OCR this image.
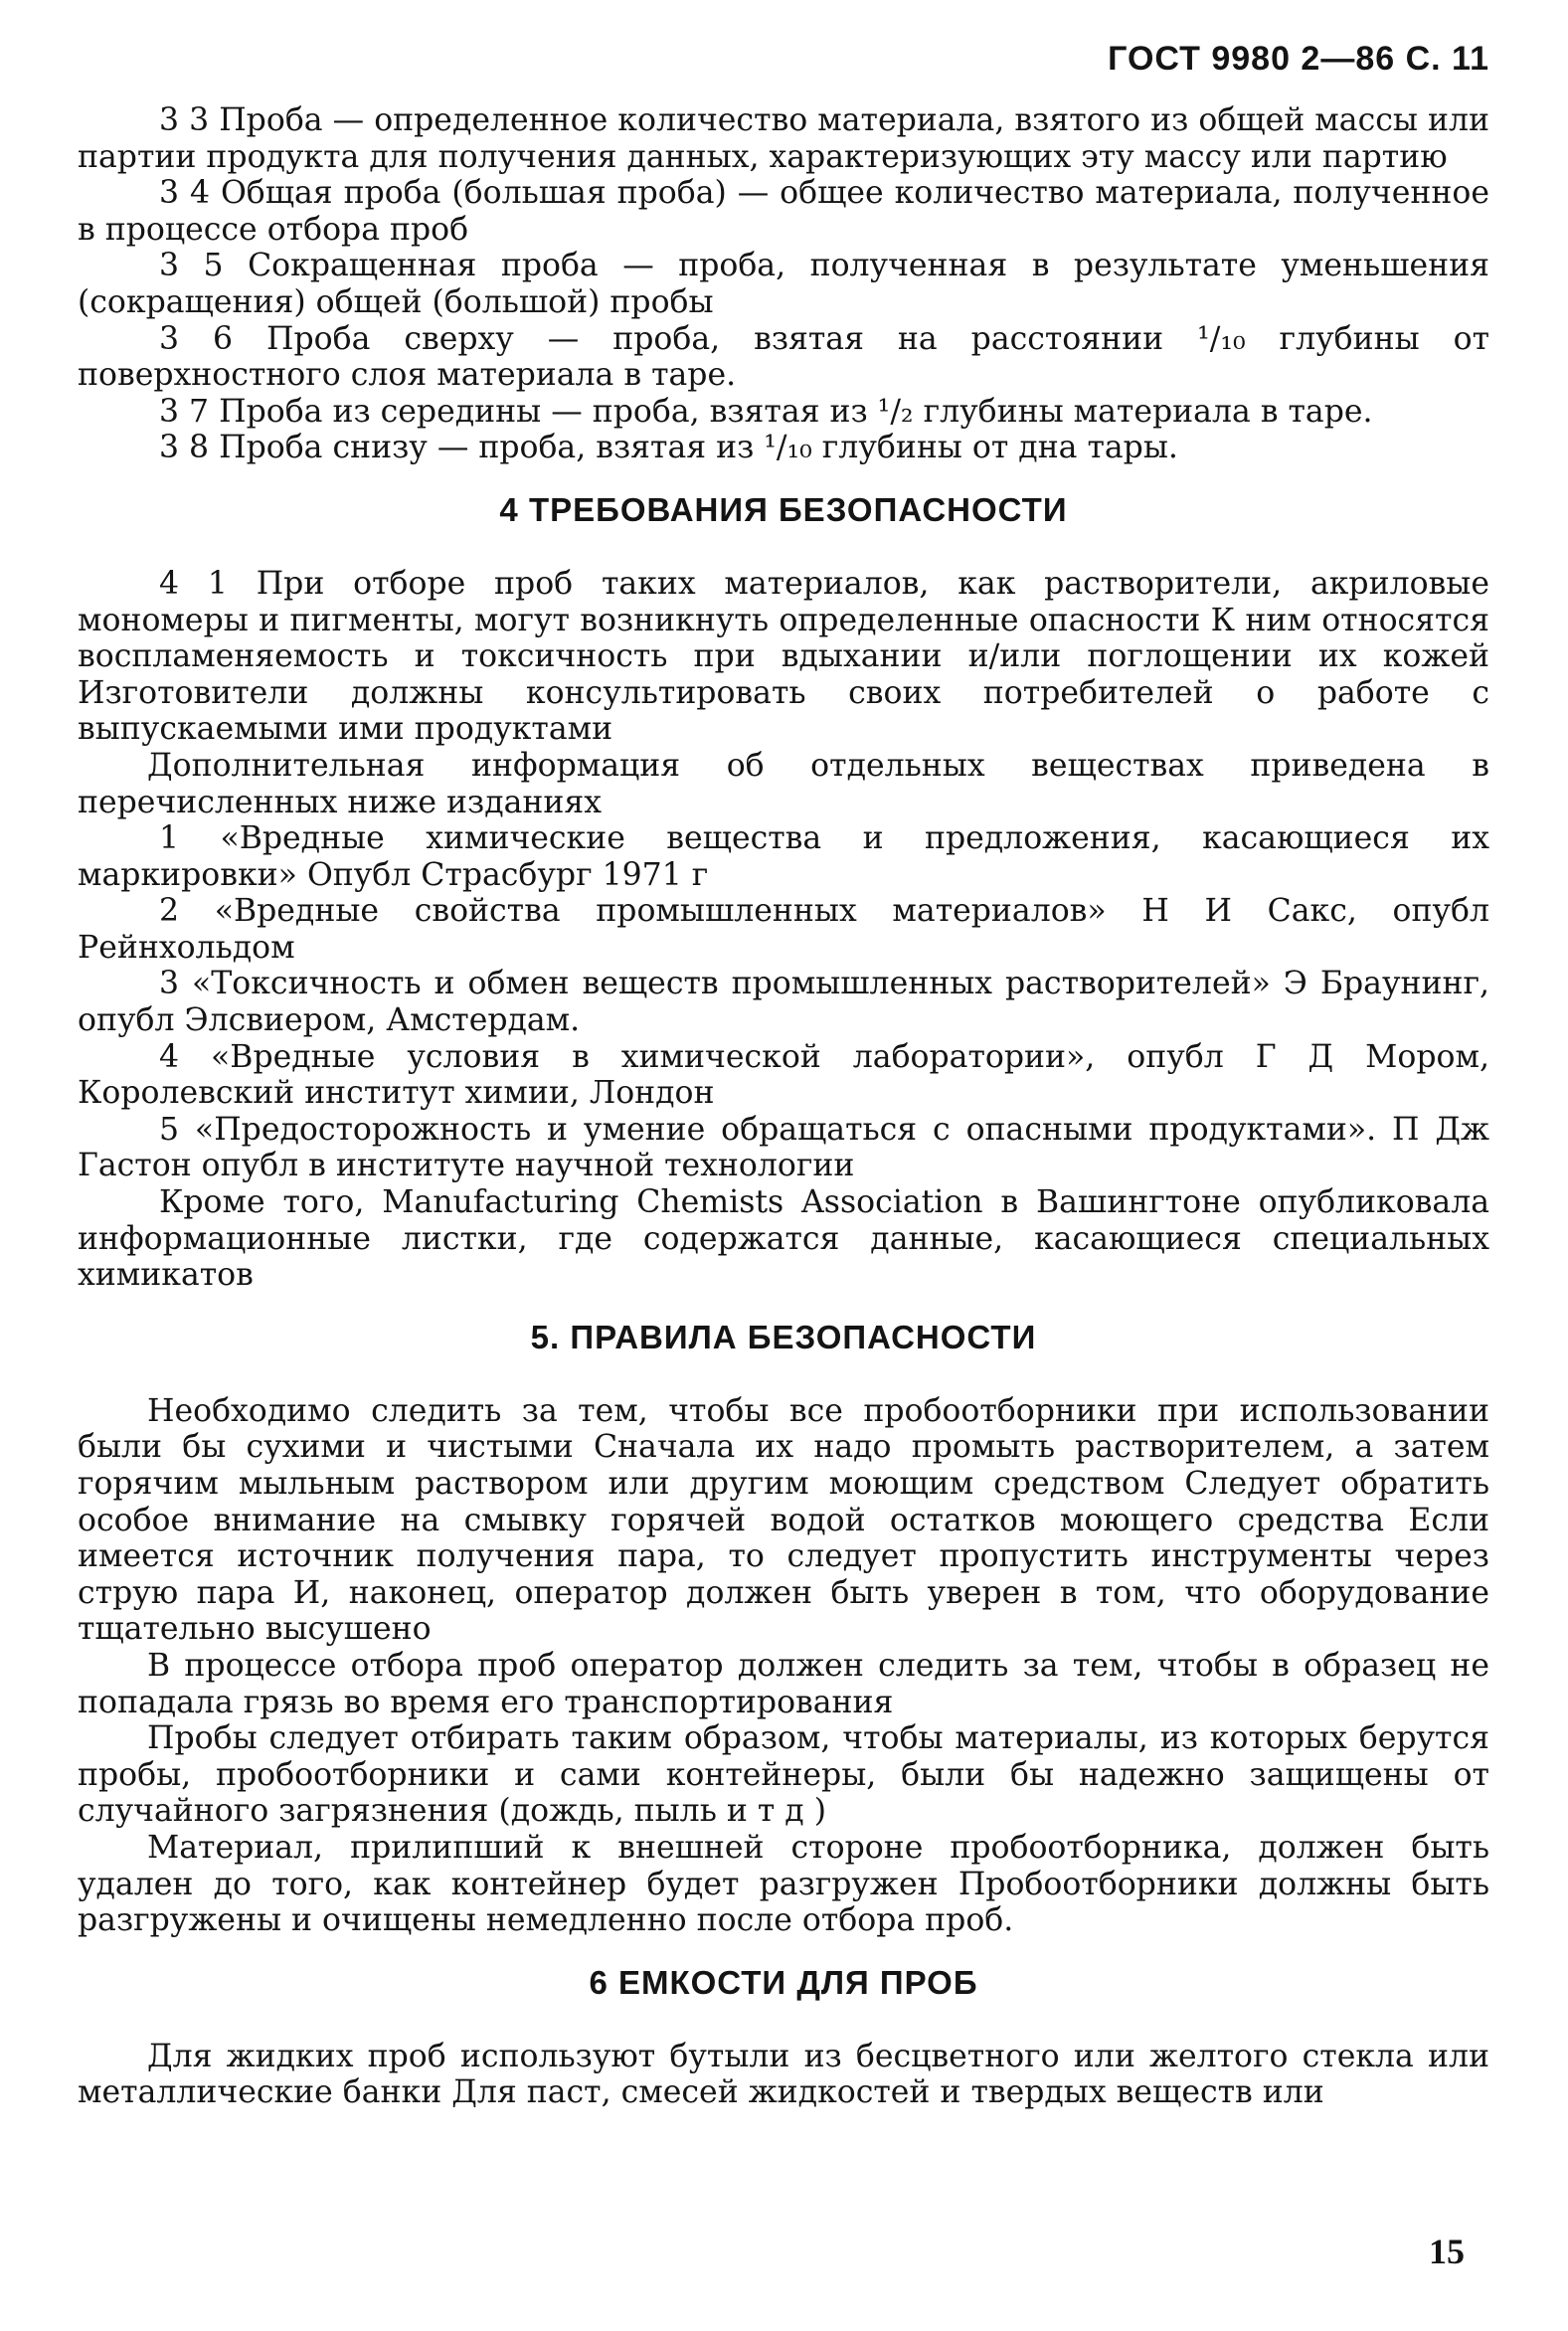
ГОСТ 9980 2—86 С. 11

3 3 Проба — определенное количество материала, взятого из общей массы или партии продукта для получения данных, характеризующих эту массу или партию

3 4 Общая проба (большая проба) — общее количество материала, полученное в процессе отбора проб

3 5 Сокращенная проба — проба, полученная в результате уменьшения (сокращения) общей (большой) пробы

3 6 Проба сверху — проба, взятая на расстоянии ¹/₁₀ глубины от поверхностного слоя материала в таре.

3 7 Проба из середины — проба, взятая из ¹/₂ глубины материала в таре.

3 8 Проба снизу — проба, взятая из ¹/₁₀ глубины от дна тары.

4 ТРЕБОВАНИЯ БЕЗОПАСНОСТИ

4 1 При отборе проб таких материалов, как растворители, акриловые мономеры и пигменты, могут возникнуть определенные опасности К ним относятся воспламеняемость и токсичность при вдыхании и/или поглощении их кожей Изготовители должны консультировать своих потребителей о работе с выпускаемыми ими продуктами

Дополнительная информация об отдельных веществах приведена в перечисленных ниже изданиях

1 «Вредные химические вещества и предложения, касающиеся их маркировки» Опубл Страсбург 1971 г

2 «Вредные свойства промышленных материалов» Н И Сакс, опубл Рейнхольдом

3 «Токсичность и обмен веществ промышленных растворителей» Э Браунинг, опубл Элсвиером, Амстердам.

4 «Вредные условия в химической лаборатории», опубл Г Д Мором, Королевский институт химии, Лондон

5 «Предосторожность и умение обращаться с опасными продуктами». П Дж Гастон опубл в институте научной технологии

Кроме того, Manufacturing Chemists Association в Вашингтоне опубликовала информационные листки, где содержатся данные, касающиеся специальных химикатов

5. ПРАВИЛА БЕЗОПАСНОСТИ

Необходимо следить за тем, чтобы все пробоотборники при использовании были бы сухими и чистыми Сначала их надо промыть растворителем, а затем горячим мыльным раствором или другим моющим средством Следует обратить особое внимание на смывку горячей водой остатков моющего средства Если имеется источник получения пара, то следует пропустить инструменты через струю пара И, наконец, оператор должен быть уверен в том, что оборудование тщательно высушено

В процессе отбора проб оператор должен следить за тем, чтобы в образец не попадала грязь во время его транспортирования

Пробы следует отбирать таким образом, чтобы материалы, из которых берутся пробы, пробоотборники и сами контейнеры, были бы надежно защищены от случайного загрязнения (дождь, пыль и т д )

Материал, прилипший к внешней стороне пробоотборника, должен быть удален до того, как контейнер будет разгружен Пробоотборники должны быть разгружены и очищены немедленно после отбора проб.

6 ЕМКОСТИ ДЛЯ ПРОБ

Для жидких проб используют бутыли из бесцветного или желтого стекла или металлические банки Для паст, смесей жидкостей и твердых веществ или

15
